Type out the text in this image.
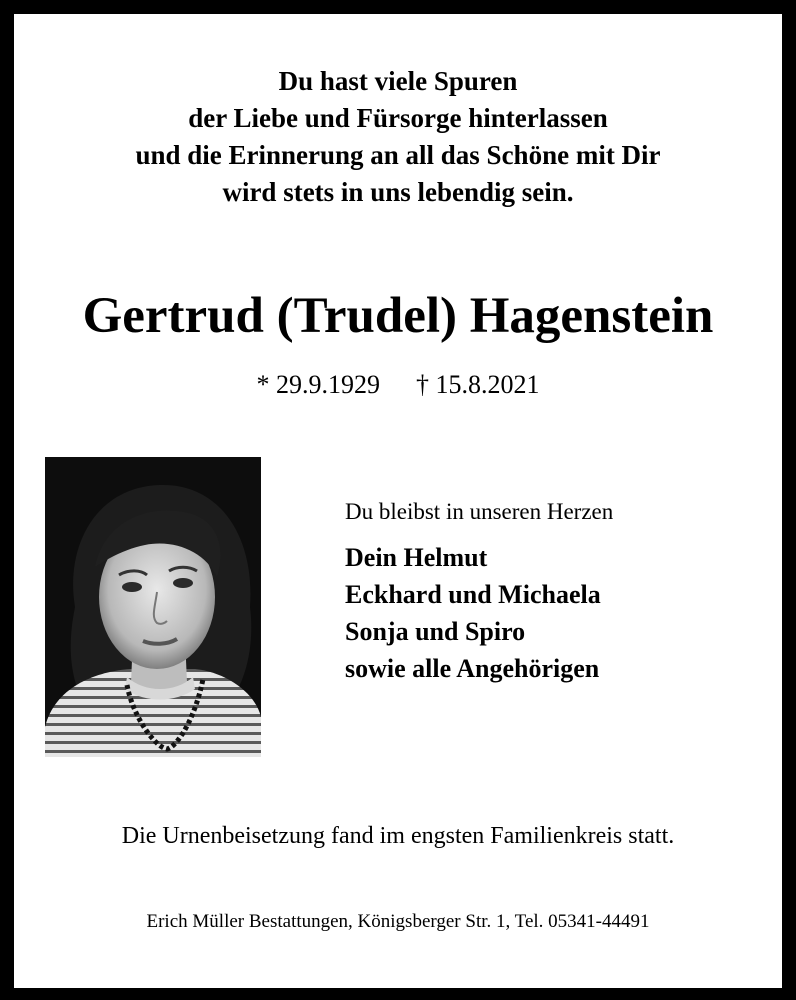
Du hast viele Spuren
der Liebe und Fürsorge hinterlassen
und die Erinnerung an all das Schöne mit Dir
wird stets in uns lebendig sein.
Gertrud (Trudel) Hagenstein
* 29.9.1929 † 15.8.2021
Du bleibst in unseren Herzen
Dein Helmut
Eckhard und Michaela
Sonja und Spiro
sowie alle Angehörigen
Die Urnenbeisetzung fand im engsten Familienkreis statt.
Erich Müller Bestattungen, Königsberger Str. 1, Tel. 05341-44491
